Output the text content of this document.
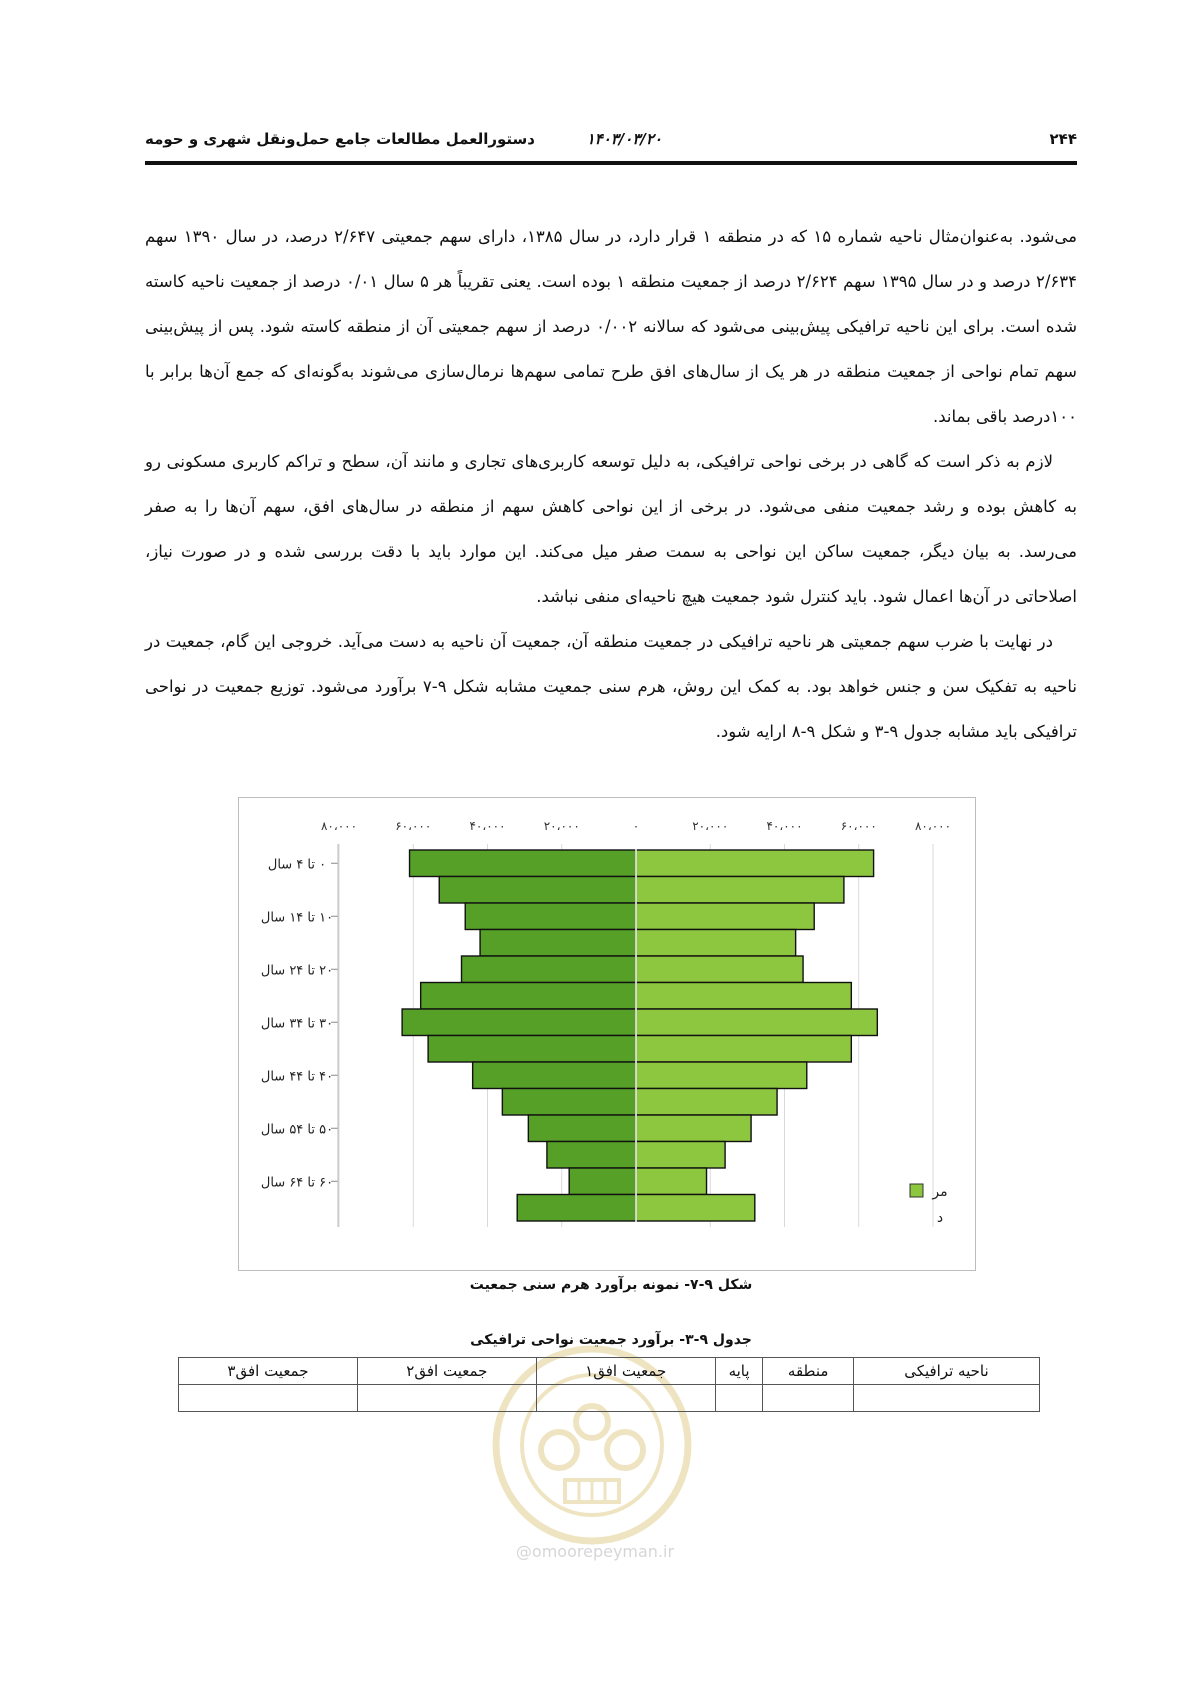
۲۴۴
۱۴۰۳/۰۳/۲۰
دستورالعمل مطالعات جامع حمل‌ونقل شهری و حومه

می‌شود. به‌عنوان‌مثال ناحیه شماره ۱۵ که در منطقه ۱ قرار دارد، در سال ۱۳۸۵، دارای سهم جمعیتی ۲/۶۴۷ درصد، در سال ۱۳۹۰ سهم ۲/۶۳۴ درصد و در سال ۱۳۹۵ سهم ۲/۶۲۴ درصد از جمعیت منطقه ۱ بوده است. یعنی تقریباً هر ۵ سال ۰/۰۱ درصد از جمعیت ناحیه کاسته شده است. برای این ناحیه ترافیکی پیش‌بینی می‌شود که سالانه ۰/۰۰۲ درصد از سهم جمعیتی آن از منطقه کاسته شود. پس از پیش‌بینی سهم تمام نواحی از جمعیت منطقه در هر یک از سال‌های افق طرح تمامی سهم‌ها نرمال‌سازی می‌شوند به‌گونه‌ای که جمع آن‌ها برابر با ۱۰۰درصد باقی بماند.

لازم به ذکر است که گاهی در برخی نواحی ترافیکی، به دلیل توسعه کاربری‌های تجاری و مانند آن، سطح و تراکم کاربری مسکونی رو به کاهش بوده و رشد جمعیت منفی می‌شود. در برخی از این نواحی کاهش سهم از منطقه در سال‌های افق، سهم آن‌ها را به صفر می‌رسد. به بیان دیگر، جمعیت ساکن این نواحی به سمت صفر میل می‌کند. این موارد باید با دقت بررسی شده و در صورت نیاز، اصلاحاتی در آن‌ها اعمال شود. باید کنترل شود جمعیت هیچ ناحیه‌ای منفی نباشد.

در نهایت با ضرب سهم جمعیتی هر ناحیه ترافیکی در جمعیت منطقه آن، جمعیت آن ناحیه به دست می‌آید. خروجی این گام، جمعیت در ناحیه به تفکیک سن و جنس خواهد بود. به کمک این روش، هرم سنی جمعیت مشابه شکل ۹-۷ برآورد می‌شود. توزیع جمعیت در نواحی ترافیکی باید مشابه جدول ۹-۳ و شکل ۹-۸ ارایه شود.

۸۰،۰۰۰	۶۰،۰۰۰	۴۰،۰۰۰	۲۰،۰۰۰	۰	۲۰،۰۰۰	۴۰،۰۰۰	۶۰،۰۰۰	۸۰،۰۰۰
۰ تا ۴ سال
۱۰ تا ۱۴ سال
۲۰ تا ۲۴ سال
۳۰ تا ۳۴ سال
۴۰ تا ۴۴ سال
۵۰ تا ۵۴ سال
۶۰ تا ۶۴ سال
مر
د
شکل ۹-۷- نمونه برآورد هرم سنی جمعیت
@omoorepeyman.ir
جدول ۹-۳- برآورد جمعیت نواحی ترافیکی
ناحیه ترافیکی	منطقه	پایه	جمعیت افق۱	جمعیت افق۲	جمعیت افق۳
